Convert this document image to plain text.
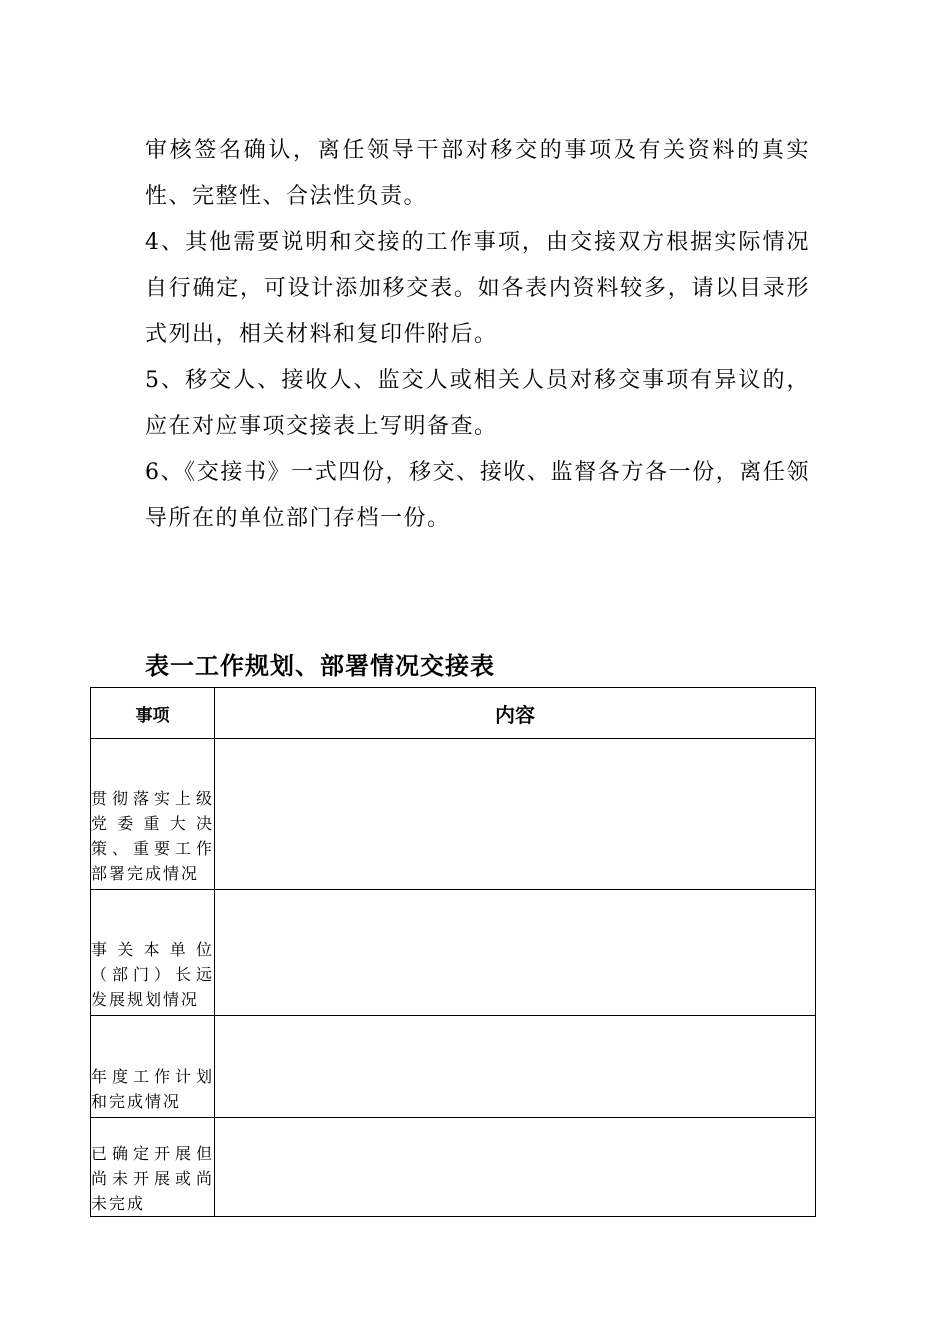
审核签名确认，离任领导干部对移交的事项及有关资料的真实性、完整性、合法性负责。

4、其他需要说明和交接的工作事项，由交接双方根据实际情况自行确定，可设计添加移交表。如各表内资料较多，请以目录形式列出，相关材料和复印件附后。

5、移交人、接收人、监交人或相关人员对移交事项有异议的，应在对应事项交接表上写明备查。

6、《交接书》一式四份，移交、接收、监督各方各一份，离任领导所在的单位部门存档一份。

表一工作规划、部署情况交接表
事项	内容

贯彻落实上级党委重大决策、重要工作部署完成情况	

事关本单位（部门）长远发展规划情况	

年度工作计划和完成情况	

已确定开展但尚未开展或尚未完成	
